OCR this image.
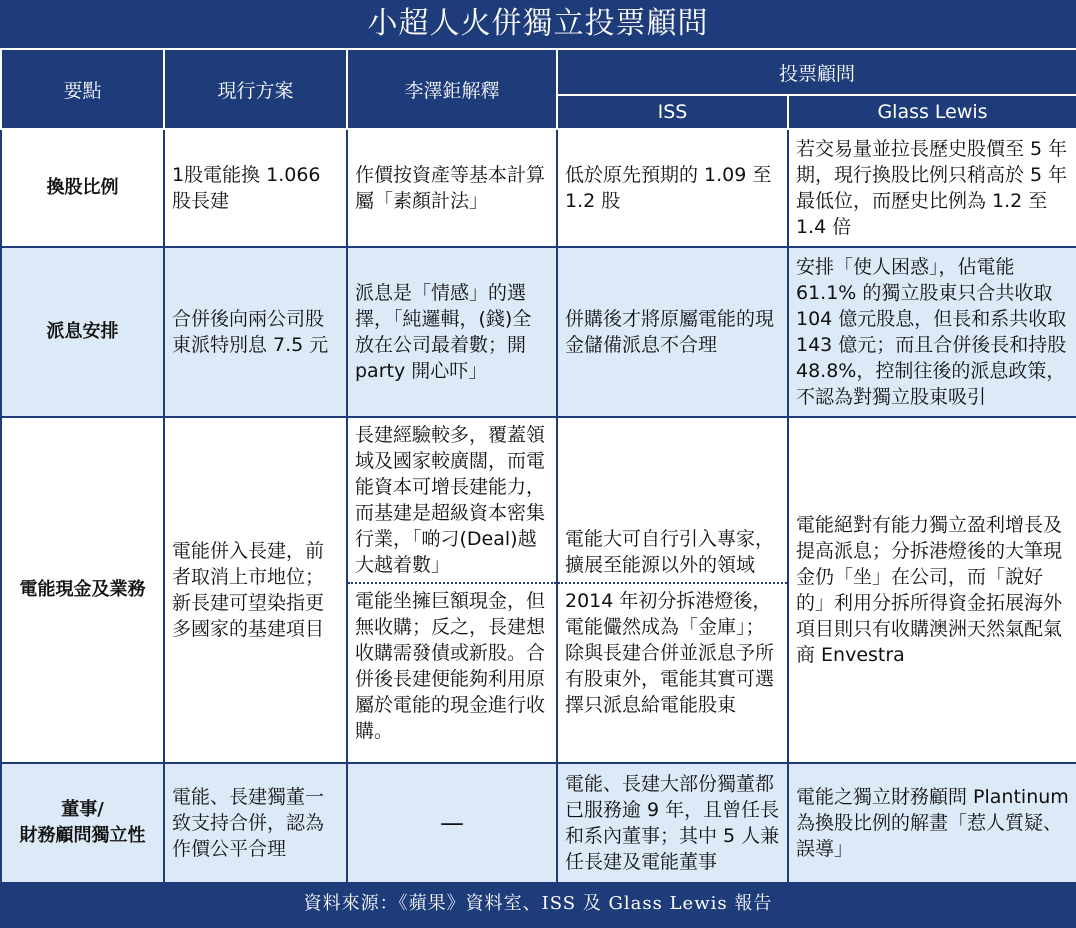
小超人火併獨立投票顧問
要點	現行方案	李澤鉅解釋	投票顧問	
			ISS	Glass Lewis
換股比例	1股電能換 1.066股長建	作價按資產等基本計算屬「素顏計法」	低於原先預期的 1.09 至 1.2 股	若交易量並拉長歷史股價至 5 年期，現行換股比例只稍高於 5 年最低位，而歷史比例為 1.2 至 1.4 倍
派息安排	合併後向兩公司股東派特別息 7.5 元	派息是「情感」的選擇，「純邏輯，(錢)全放在公司最着數；開party 開心吓」	併購後才將原屬電能的現金儲備派息不合理	安排「使人困惑」，佔電能 61.1% 的獨立股東只合共收取 104 億元股息，但長和系共收取 143 億元；而且合併後長和持股 48.8%，控制往後的派息政策，不認為對獨立股東吸引
電能現金及業務	電能併入長建，前者取消上市地位；新長建可望染指更多國家的基建項目	長建經驗較多，覆蓋領域及國家較廣闊，而電能資本可增長建能力，而基建是超級資本密集行業，「啲刁(Deal)越大越着數」	電能大可自行引入專家，擴展至能源以外的領域	電能絕對有能力獨立盈利增長及提高派息；分拆港燈後的大筆現金仍「坐」在公司，而「說好的」利用分拆所得資金拓展海外項目則只有收購澳洲天然氣配氣商 Envestra
		電能坐擁巨額現金，但無收購；反之，長建想收購需發債或新股。合併後長建便能夠利用原屬於電能的現金進行收購。	2014 年初分拆港燈後，電能儼然成為「金庫」；除與長建合併並派息予所有股東外，電能其實可選擇只派息給電能股東	
董事/
財務顧問獨立性	電能、長建獨董一致支持合併，認為作價公平合理	—	電能、長建大部份獨董都已服務逾 9 年，且曾任長和系內董事；其中 5 人兼任長建及電能董事	電能之獨立財務顧問 Plantinum 為換股比例的解畫「惹人質疑、誤導」
資料來源：《蘋果》資料室、ISS 及 Glass Lewis 報告
